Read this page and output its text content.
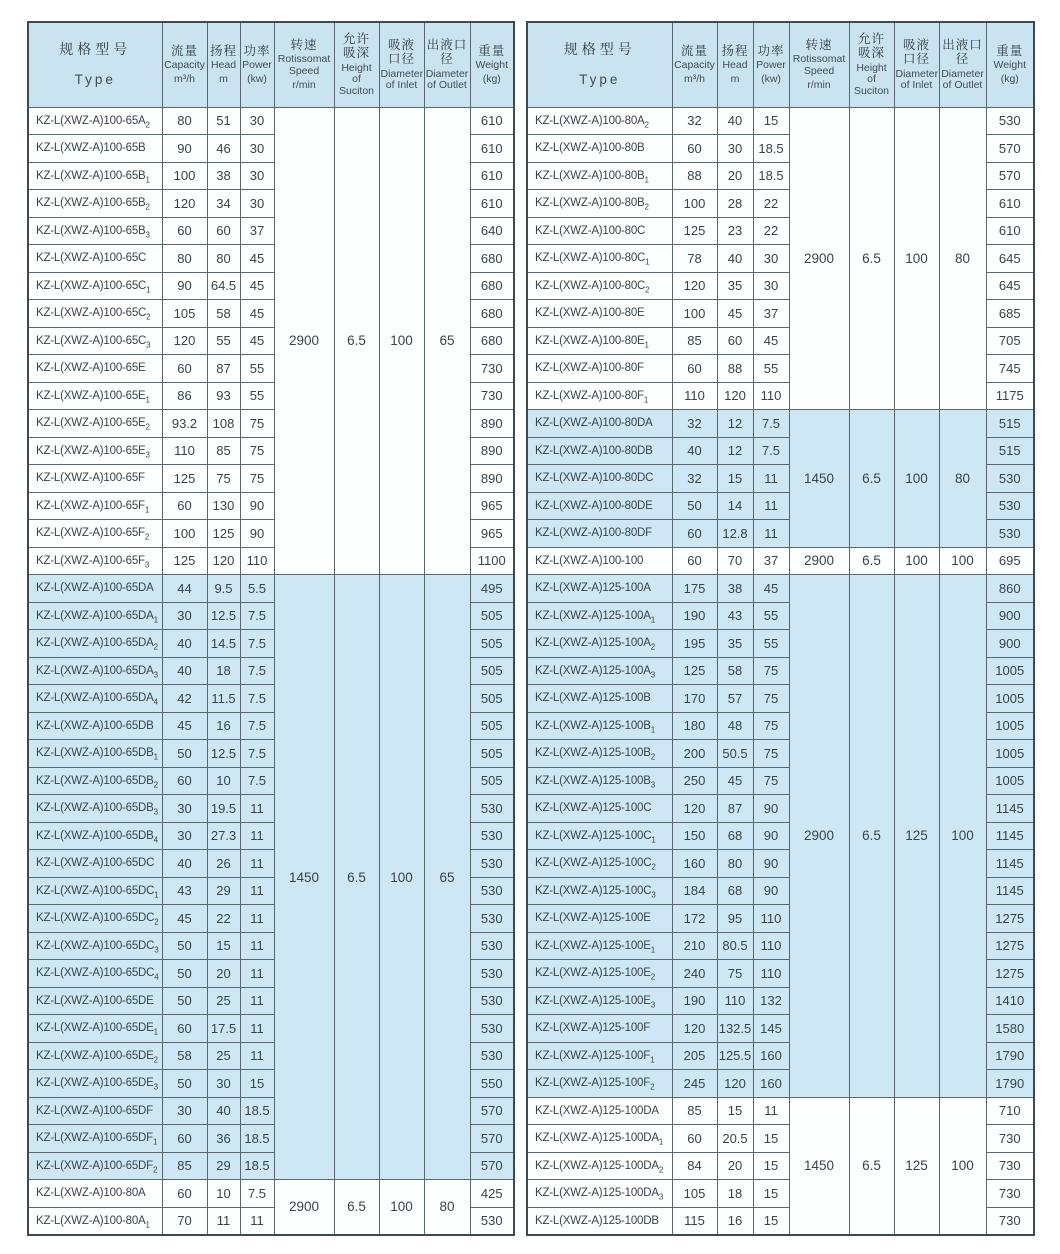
规格型号
Type

流量
Capacity
m³/h

扬程
Head
m

功率
Power
(kw)

转速
Rotissomat Speed
r/min

允许吸深
Height of Suciton

吸液口径
Diameter of Inlet

出液口径
Diameter of Outlet

重量
Weight
(kg)

$KZ-L(XWZ-A)100-65A_2$	80	51	30	2900	6.5	100	65	610
KZ-L(XWZ-A)100-65B	90	46	30					610
$KZ-L(XWZ-A)100-65B_1$	100	38	30					610
$KZ-L(XWZ-A)100-65B_2$	120	34	30					610
$KZ-L(XWZ-A)100-65B_3$	60	60	37					640
KZ-L(XWZ-A)100-65C	80	80	45					680
$KZ-L(XWZ-A)100-65C_1$	90	64.5	45					680
$KZ-L(XWZ-A)100-65C_2$	105	58	45					680
$KZ-L(XWZ-A)100-65C_3$	120	55	45					680
KZ-L(XWZ-A)100-65E	60	87	55					730
$KZ-L(XWZ-A)100-65E_1$	86	93	55					730
$KZ-L(XWZ-A)100-65E_2$	93.2	108	75					890
$KZ-L(XWZ-A)100-65E_3$	110	85	75					890
KZ-L(XWZ-A)100-65F	125	75	75					890
$KZ-L(XWZ-A)100-65F_1$	60	130	90					965
$KZ-L(XWZ-A)100-65F_2$	100	125	90					965
$KZ-L(XWZ-A)100-65F_3$	125	120	110					1100
KZ-L(XWZ-A)100-65DA	44	9.5	5.5	1450	6.5	100	65	495
$KZ-L(XWZ-A)100-65DA_1$	30	12.5	7.5					505
$KZ-L(XWZ-A)100-65DA_2$	40	14.5	7.5					505
$KZ-L(XWZ-A)100-65DA_3$	40	18	7.5					505
$KZ-L(XWZ-A)100-65DA_4$	42	11.5	7.5					505
KZ-L(XWZ-A)100-65DB	45	16	7.5					505
$KZ-L(XWZ-A)100-65DB_1$	50	12.5	7.5					505
$KZ-L(XWZ-A)100-65DB_2$	60	10	7.5					505
$KZ-L(XWZ-A)100-65DB_3$	30	19.5	11					530
$KZ-L(XWZ-A)100-65DB_4$	30	27.3	11					530
KZ-L(XWZ-A)100-65DC	40	26	11					530
$KZ-L(XWZ-A)100-65DC_1$	43	29	11					530
$KZ-L(XWZ-A)100-65DC_2$	45	22	11					530
$KZ-L(XWZ-A)100-65DC_3$	50	15	11					530
$KZ-L(XWZ-A)100-65DC_4$	50	20	11					530
KZ-L(XWZ-A)100-65DE	50	25	11					530
$KZ-L(XWZ-A)100-65DE_1$	60	17.5	11					530
$KZ-L(XWZ-A)100-65DE_2$	58	25	11					530
$KZ-L(XWZ-A)100-65DE_3$	50	30	15					550
KZ-L(XWZ-A)100-65DF	30	40	18.5					570
$KZ-L(XWZ-A)100-65DF_1$	60	36	18.5					570
$KZ-L(XWZ-A)100-65DF_2$	85	29	18.5					570
KZ-L(XWZ-A)100-80A	60	10	7.5	2900	6.5	100	80	425
$KZ-L(XWZ-A)100-80A_1$	70	11	11					530
规格型号
Type

流量
Capacity
m³/h

扬程
Head
m

功率
Power
(kw)

转速
Rotissomat Speed
r/min

允许吸深
Height of Suciton

吸液口径
Diameter of Inlet

出液口径
Diameter of Outlet

重量
Weight
(kg)

$KZ-L(XWZ-A)100-80A_2$	32	40	15	2900	6.5	100	80	530
KZ-L(XWZ-A)100-80B	60	30	18.5					570
$KZ-L(XWZ-A)100-80B_1$	88	20	18.5					570
$KZ-L(XWZ-A)100-80B_2$	100	28	22					610
KZ-L(XWZ-A)100-80C	125	23	22					610
$KZ-L(XWZ-A)100-80C_1$	78	40	30					645
$KZ-L(XWZ-A)100-80C_2$	120	35	30					645
KZ-L(XWZ-A)100-80E	100	45	37					685
$KZ-L(XWZ-A)100-80E_1$	85	60	45					705
KZ-L(XWZ-A)100-80F	60	88	55					745
$KZ-L(XWZ-A)100-80F_1$	110	120	110					1175
KZ-L(XWZ-A)100-80DA	32	12	7.5	1450	6.5	100	80	515
KZ-L(XWZ-A)100-80DB	40	12	7.5					515
KZ-L(XWZ-A)100-80DC	32	15	11					530
KZ-L(XWZ-A)100-80DE	50	14	11					530
KZ-L(XWZ-A)100-80DF	60	12.8	11					530
KZ-L(XWZ-A)100-100	60	70	37	2900	6.5	100	100	695
KZ-L(XWZ-A)125-100A	175	38	45	2900	6.5	125	100	860
$KZ-L(XWZ-A)125-100A_1$	190	43	55					900
$KZ-L(XWZ-A)125-100A_2$	195	35	55					900
$KZ-L(XWZ-A)125-100A_3$	125	58	75					1005
KZ-L(XWZ-A)125-100B	170	57	75					1005
$KZ-L(XWZ-A)125-100B_1$	180	48	75					1005
$KZ-L(XWZ-A)125-100B_2$	200	50.5	75					1005
$KZ-L(XWZ-A)125-100B_3$	250	45	75					1005
KZ-L(XWZ-A)125-100C	120	87	90					1145
$KZ-L(XWZ-A)125-100C_1$	150	68	90					1145
$KZ-L(XWZ-A)125-100C_2$	160	80	90					1145
$KZ-L(XWZ-A)125-100C_3$	184	68	90					1145
KZ-L(XWZ-A)125-100E	172	95	110					1275
$KZ-L(XWZ-A)125-100E_1$	210	80.5	110					1275
$KZ-L(XWZ-A)125-100E_2$	240	75	110					1275
$KZ-L(XWZ-A)125-100E_3$	190	110	132					1410
KZ-L(XWZ-A)125-100F	120	132.5	145					1580
$KZ-L(XWZ-A)125-100F_1$	205	125.5	160					1790
$KZ-L(XWZ-A)125-100F_2$	245	120	160					1790
KZ-L(XWZ-A)125-100DA	85	15	11	1450	6.5	125	100	710
$KZ-L(XWZ-A)125-100DA_1$	60	20.5	15					730
$KZ-L(XWZ-A)125-100DA_2$	84	20	15					730
$KZ-L(XWZ-A)125-100DA_3$	105	18	15					730
KZ-L(XWZ-A)125-100DB	115	16	15					730
